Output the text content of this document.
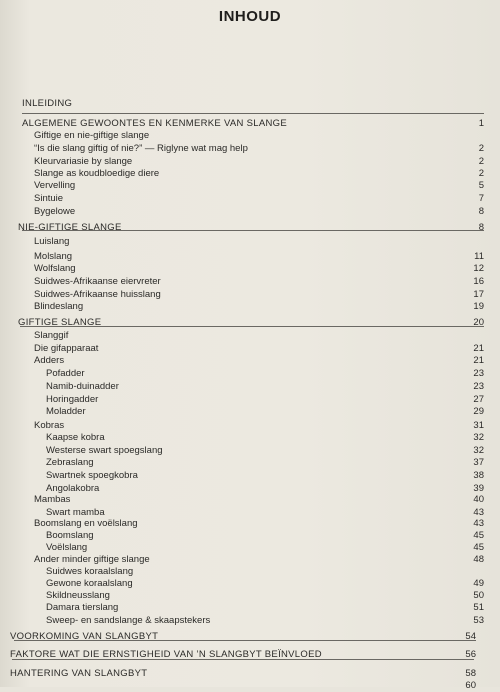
INHOUD
INLEIDING
ALGEMENE GEWOONTES EN KENMERKE VAN SLANGE	1
Giftige en nie-giftige slange
“Is die slang giftig of nie?” — Riglyne wat mag help	2
Kleurvariasie by slange	2
Slange as koudbloedige diere	2
Vervelling	5
Sintuie	7
Bygelowe	8
NIE-GIFTIGE SLANGE	8
Luislang
Molslang	11
Wolfslang	12
Suidwes-Afrikaanse eiervreter	16
Suidwes-Afrikaanse huisslang	17
Blindeslang	19
GIFTIGE SLANGE	20
Slanggif
Die gifapparaat	21
Adders	21
Pofadder	23
Namib-duinadder	23
Horingadder	27
Moladder	29
Kobras	31
Kaapse kobra	32
Westerse swart spoegslang	32
Zebraslang	37
Swartnek spoegkobra	38
Angolakobra	39
Mambas	40
Swart mamba	43
Boomslang en voëlslang	43
Boomslang	45
Voëlslang	45
Ander minder giftige slange	48
Suidwes koraalslang
Gewone koraalslang	49
Skildneusslang	50
Damara tierslang	51
Sweep- en sandslange & skaapstekers	53
VOORKOMING VAN SLANGBYT	54
FAKTORE WAT DIE ERNSTIGHEID VAN ’N SLANGBYT BEÏNVLOED	56
HANTERING VAN SLANGBYT	58
60
